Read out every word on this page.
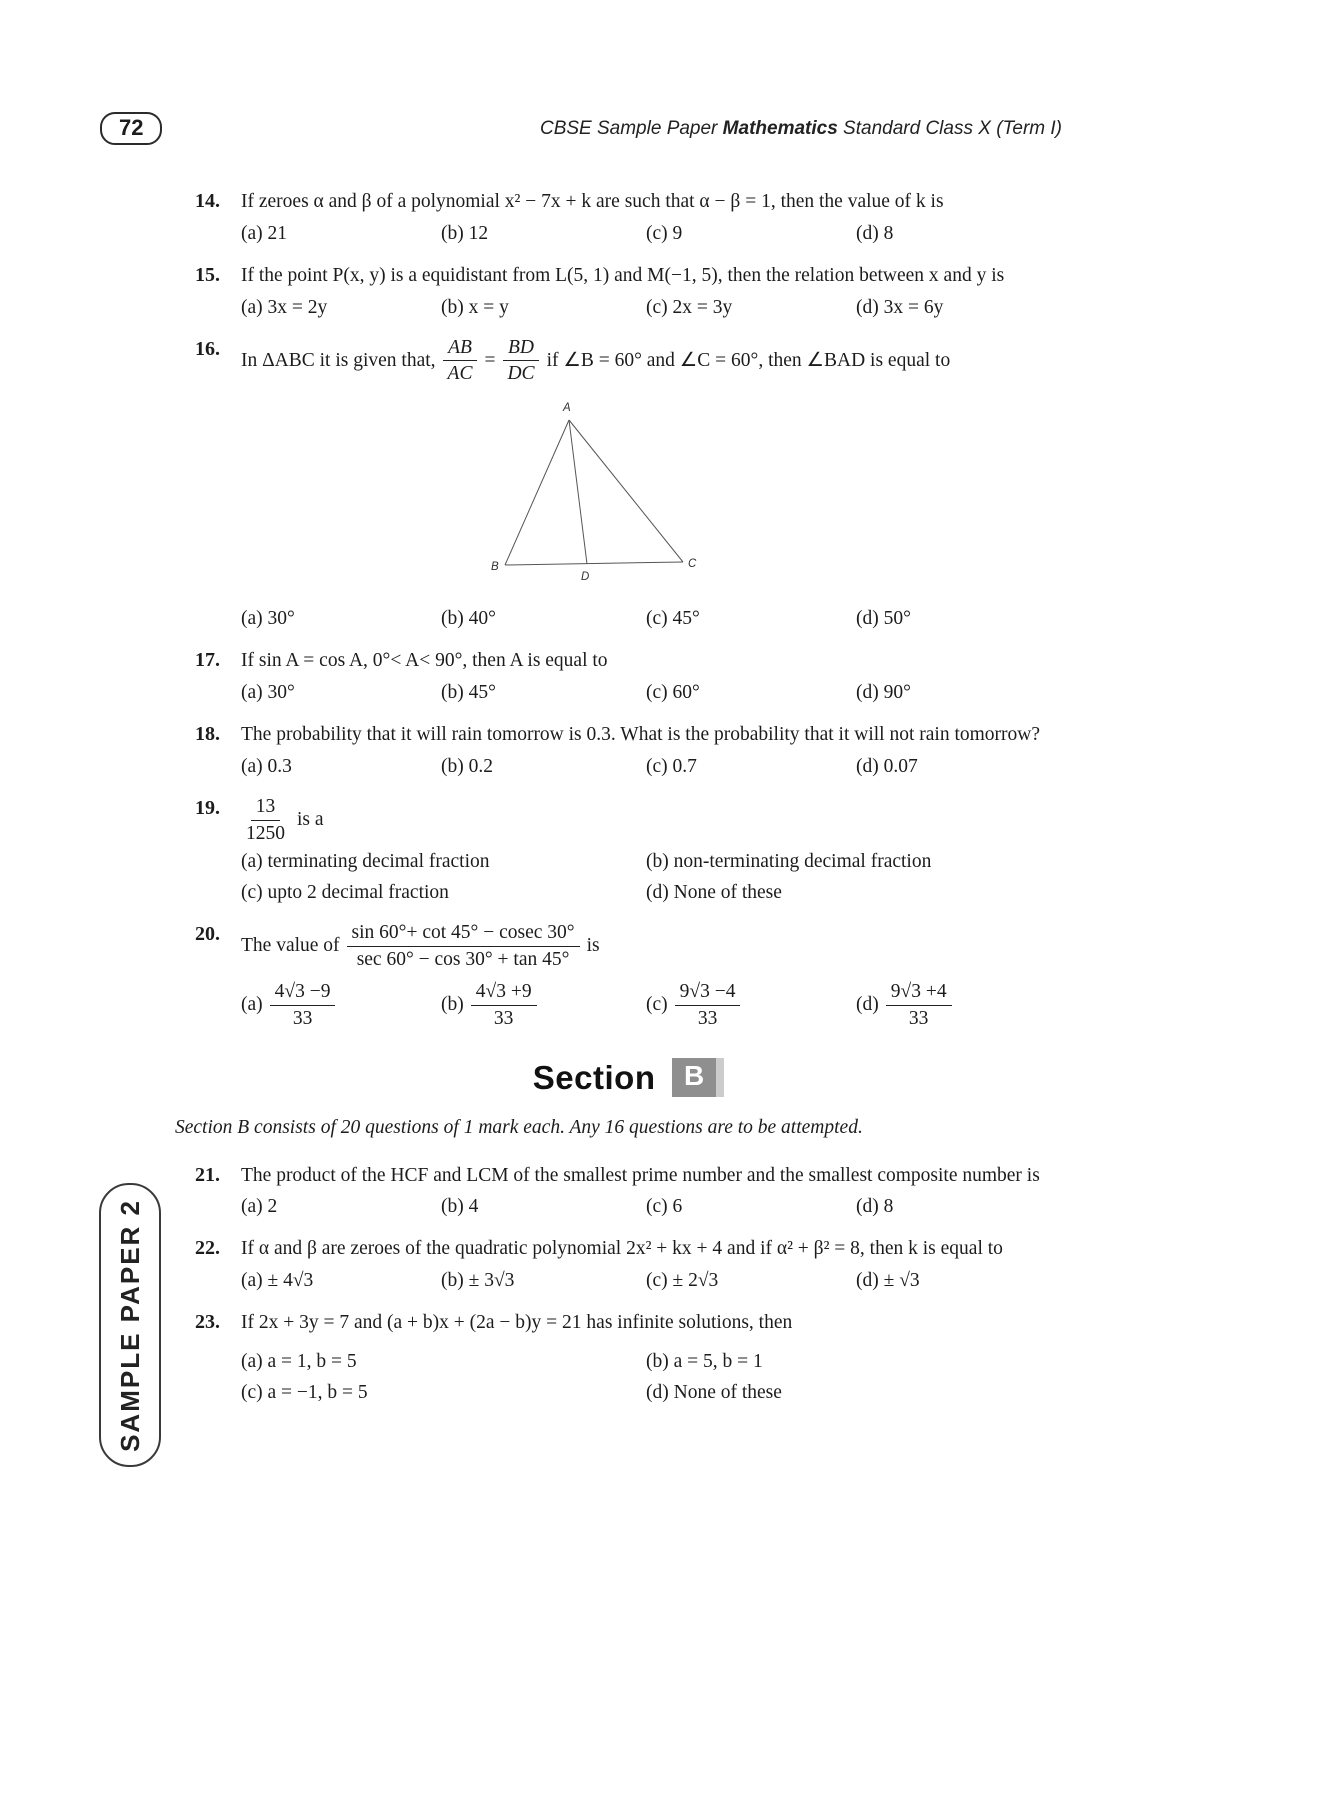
72	CBSE Sample Paper Mathematics Standard Class X (Term I)
14.	If zeroes α and β of a polynomial x² − 7x + k are such that α − β = 1, then the value of k is
(a) 21	(b) 12	(c) 9	(d) 8
15.	If the point P(x, y) is a equidistant from L(5, 1) and M(−1, 5), then the relation between x and y is
(a) 3x = 2y	(b) x = y	(c) 2x = 3y	(d) 3x = 6y
16.
In ΔABC it is given that, $\frac{AB}{AC} = \frac{BD}{DC}$ if ∠B = 60° and ∠C = 60°, then ∠BAD is equal to
A
B	C
D
(a) 30°	(b) 40°	(c) 45°	(d) 50°
17.	If sin A = cos A, 0°< A< 90°, then A is equal to
(a) 30°	(b) 45°	(c) 60°	(d) 90°
18.	The probability that it will rain tomorrow is 0.3. What is the probability that it will not rain tomorrow?
(a) 0.3	(b) 0.2	(c) 0.7	(d) 0.07
19.	$\frac{13}{1250}$ is a
(a) terminating decimal fraction	(b) non-terminating decimal fraction
(c) upto 2 decimal fraction	(d) None of these
20.
The value of $\frac{\sin 60^\circ+ \cot 45^\circ - cosec 30^\circ}{\sec 60^\circ - \cos 30^\circ + \tan 45^\circ}$ is
$(a) \frac{4√3 -9}{33}$	$(b) \frac{4√3 +9}{33}$	$(c) \frac{9√3 -4}{33}$	$(d) \frac{9√3 +4}{33}$
Section B
Section B consists of 20 questions of 1 mark each. Any 16 questions are to be attempted.
21.	The product of the HCF and LCM of the smallest prime number and the smallest composite number is
(a) 2	(b) 4	(c) 6	(d) 8
22.	If α and β are zeroes of the quadratic polynomial 2x² + kx + 4 and if α² + β² = 8, then k is equal to
(a) ± 4√3	(b) ± 3√3	(c) ± 2√3	(d) ± √3
23.	If 2x + 3y = 7 and (a + b)x + (2a − b)y = 21 has infinite solutions, then
(a) a = 1, b = 5	(b) a = 5, b = 1
(c) a = −1, b = 5	(d) None of these
SAMPLE PAPER 2
